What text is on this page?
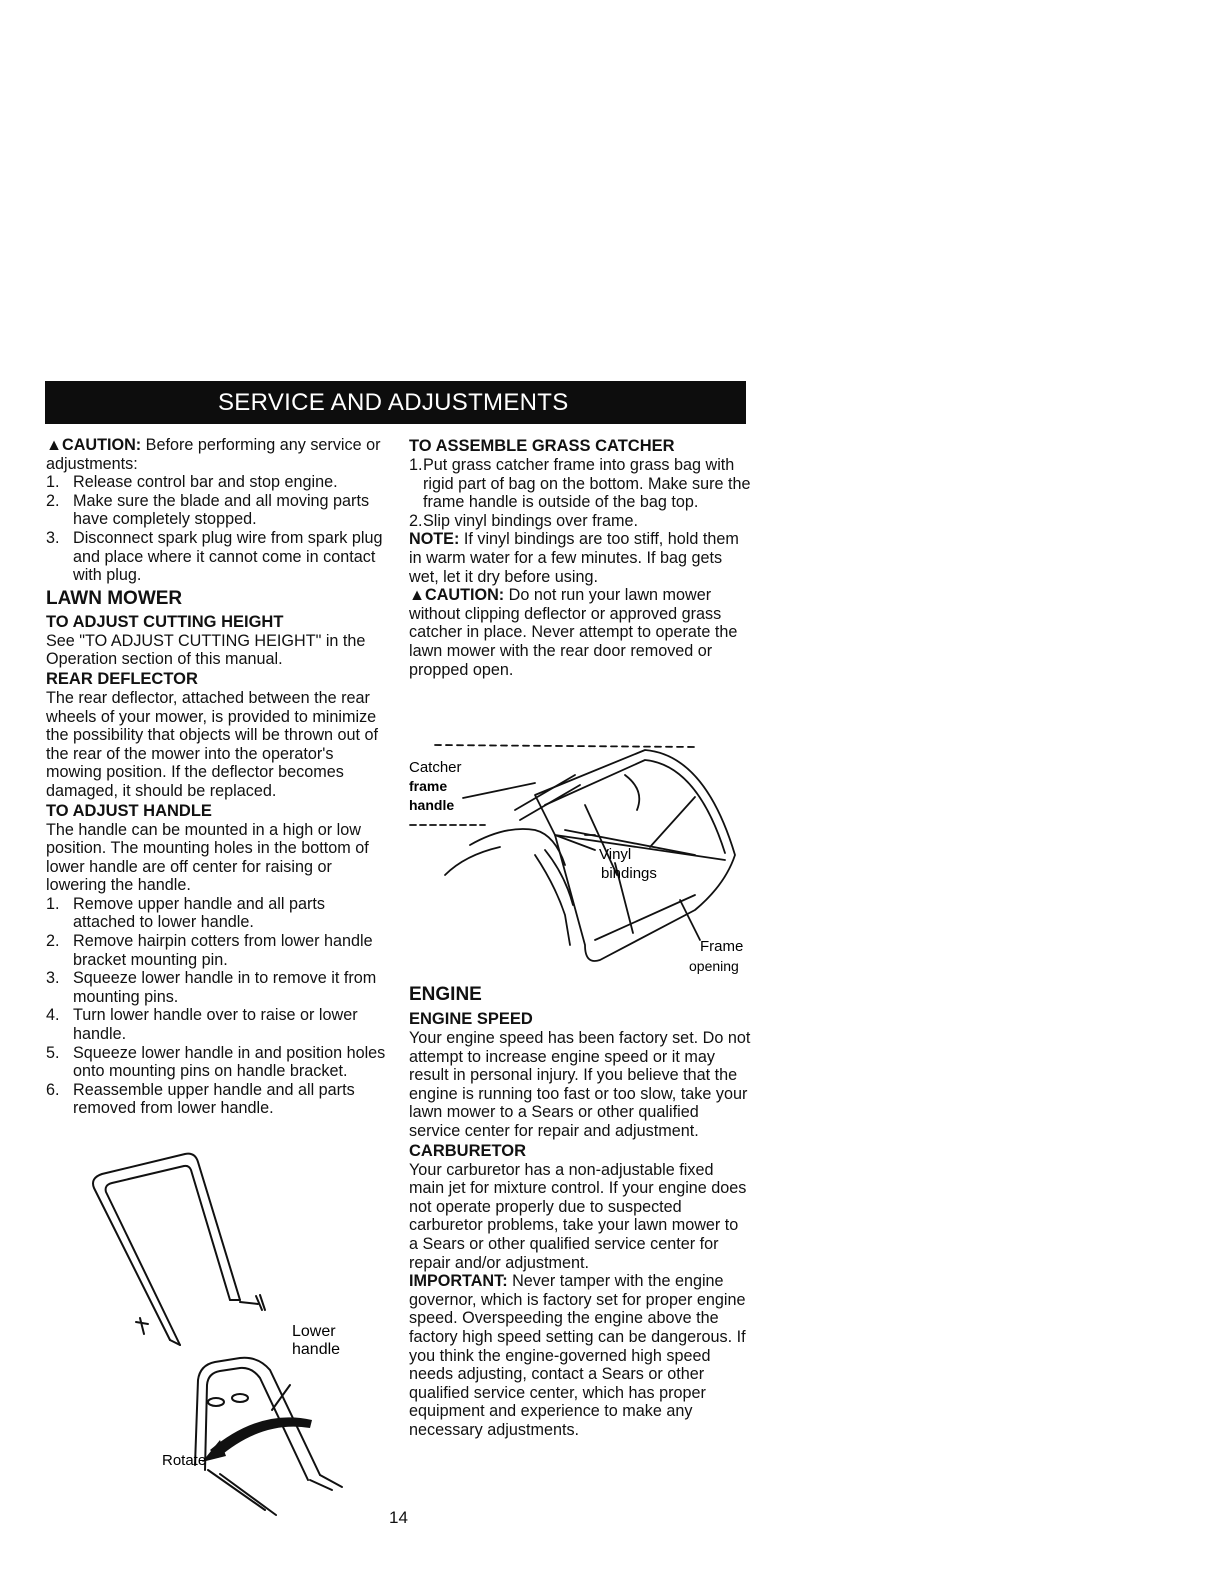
SERVICE AND ADJUSTMENTS

▲CAUTION: Before performing any service or adjustments:

1. Release control bar and stop engine.
2. Make sure the blade and all moving parts have completely stopped.
3. Disconnect spark plug wire from spark plug and place where it cannot come in contact with plug.

LAWN MOWER

TO ADJUST CUTTING HEIGHT

See "TO ADJUST CUTTING HEIGHT" in the Operation section of this manual.

REAR DEFLECTOR

The rear deflector, attached between the rear wheels of your mower, is provided to minimize the possibility that objects will be thrown out of the rear of the mower into the operator's mowing position. If the deflector becomes damaged, it should be replaced.

TO ADJUST HANDLE

The handle can be mounted in a high or low position. The mounting holes in the bottom of lower handle are off center for raising or lowering the handle.

1. Remove upper handle and all parts attached to lower handle.
2. Remove hairpin cotters from lower handle bracket mounting pin.
3. Squeeze lower handle in to remove it from mounting pins.
4. Turn lower handle over to raise or lower handle.
5. Squeeze lower handle in and position holes onto mounting pins on handle bracket.
6. Reassemble upper handle and all parts removed from lower handle.
Lower
handle
Rotate

TO ASSEMBLE GRASS CATCHER

1. Put grass catcher frame into grass bag with rigid part of bag on the bottom. Make sure the frame handle is outside of the bag top.
2. Slip vinyl bindings over frame.

NOTE: If vinyl bindings are too stiff, hold them in warm water for a few minutes. If bag gets wet, let it dry before using.

▲CAUTION: Do not run your lawn mower without clipping deflector or approved grass catcher in place. Never attempt to operate the lawn mower with the rear door removed or propped open.

Catcher
frame
handle
Vinyl
bindings
Frame
opening

ENGINE

ENGINE SPEED

Your engine speed has been factory set. Do not attempt to increase engine speed or it may result in personal injury. If you believe that the engine is running too fast or too slow, take your lawn mower to a Sears or other qualified service center for repair and adjustment.

CARBURETOR

Your carburetor has a non-adjustable fixed main jet for mixture control. If your engine does not operate properly due to suspected carburetor problems, take your lawn mower to a Sears or other qualified service center for repair and/or adjustment.

IMPORTANT: Never tamper with the engine governor, which is factory set for proper engine speed. Overspeeding the engine above the factory high speed setting can be dangerous. If you think the engine-governed high speed needs adjusting, contact a Sears or other qualified service center, which has proper equipment and experience to make any necessary adjustments.

14
